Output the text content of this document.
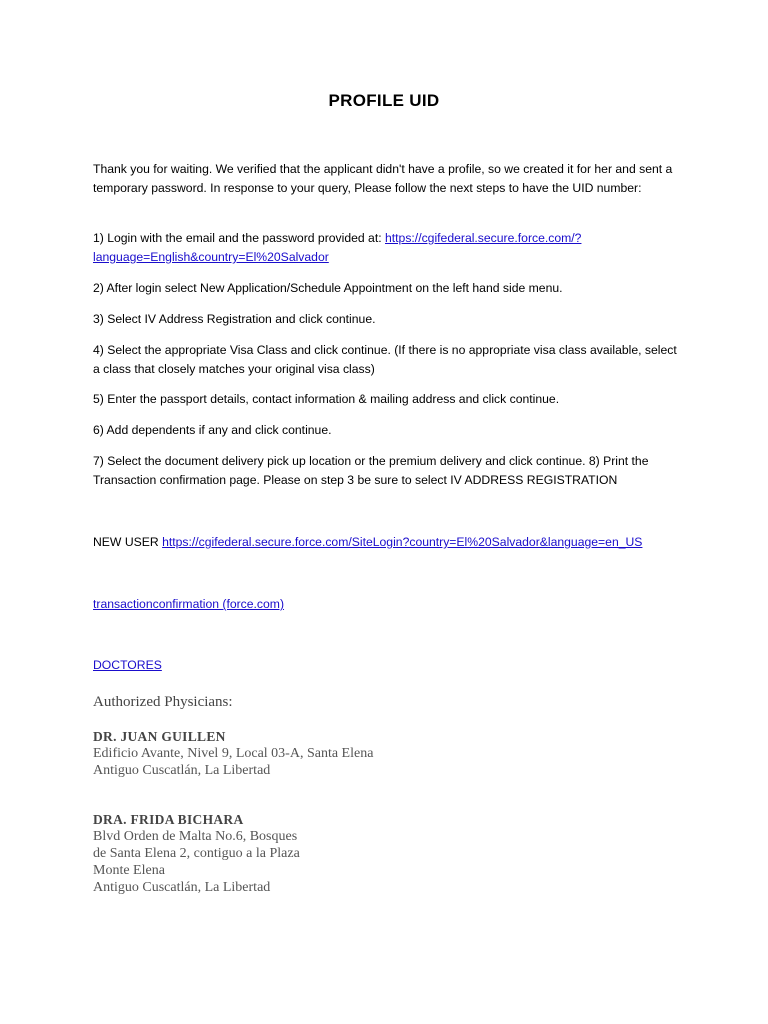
PROFILE UID
Thank you for waiting. We verified that the applicant didn't have a profile, so we created it for her and sent a temporary password. In response to your query, Please follow the next steps to have the UID number:
1) Login with the email and the password provided at: https://cgifederal.secure.force.com/?
language=English&country=El%20Salvador
2) After login select New Application/Schedule Appointment on the left hand side menu.
3) Select IV Address Registration and click continue.
4) Select the appropriate Visa Class and click continue. (If there is no appropriate visa class available, select a class that closely matches your original visa class)
5) Enter the passport details, contact information & mailing address and click continue.
6) Add dependents if any and click continue.
7) Select the document delivery pick up location or the premium delivery and click continue. 8) Print the Transaction confirmation page. Please on step 3 be sure to select IV ADDRESS REGISTRATION
NEW USER https://cgifederal.secure.force.com/SiteLogin?country=El%20Salvador&language=en_US
transactionconfirmation (force.com)
DOCTORES
Authorized Physicians:
DR. JUAN GUILLEN
Edificio Avante, Nivel 9, Local 03-A, Santa Elena
Antiguo Cuscatlán, La Libertad
DRA. FRIDA BICHARA
Blvd Orden de Malta No.6, Bosques
de Santa Elena 2, contiguo a la Plaza
Monte Elena
Antiguo Cuscatlán, La Libertad
